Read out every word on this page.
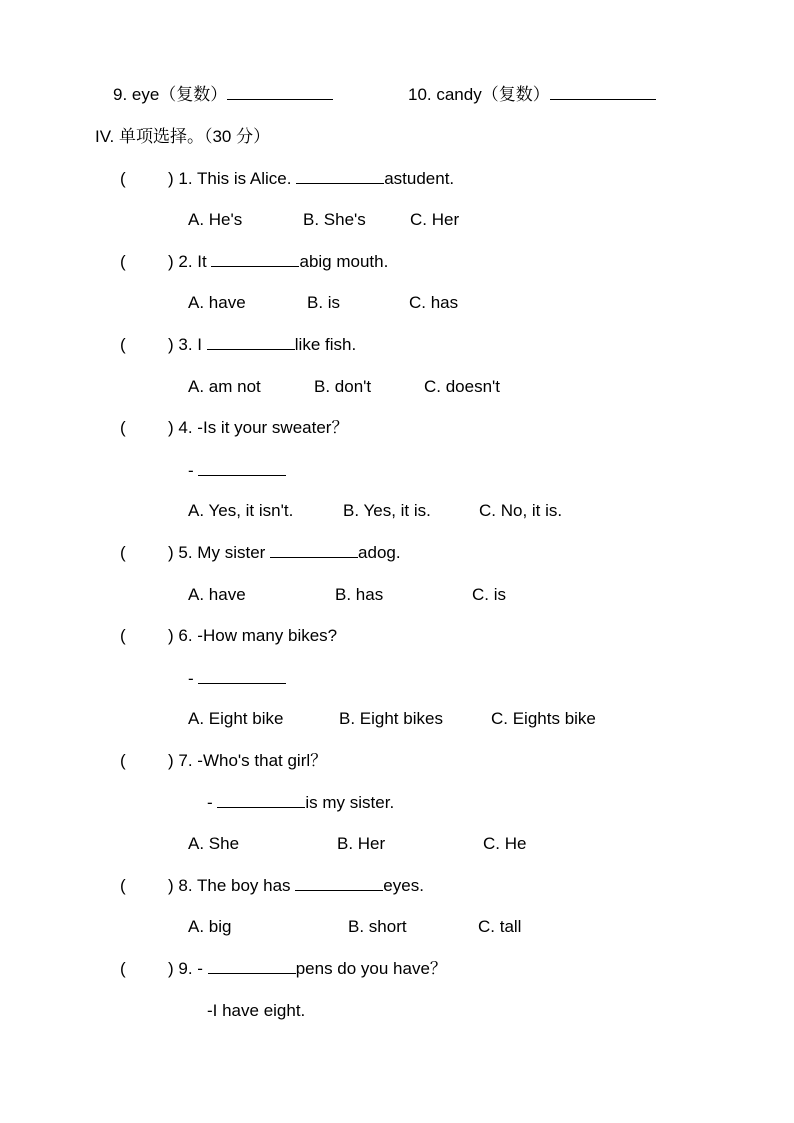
9. eye（复数）	10. candy（复数）
IV. 单项选择。（30 分）
( ) 1. This is Alice.	astudent.
A. He's	B. She's	C. Her
( ) 2. It	abig mouth.
A. have	B. is	C. has
( ) 3. I	like fish.
A. am not	B. don't	C. doesn't
( ) 4. -Is it your sweater？
-
A. Yes, it isn't.	B. Yes, it is.	C. No, it is.
( ) 5. My sister	adog.
A. have	B. has	C. is
( ) 6. -How many bikes?
-
A. Eight bike	B. Eight bikes	C. Eights bike
( ) 7. -Who's that girl？
-	is my sister.
A. She	B. Her	C. He
( ) 8. The boy has	eyes.
A. big	B. short	C. tall
( ) 9. -	pens do you have？
-I have eight.
